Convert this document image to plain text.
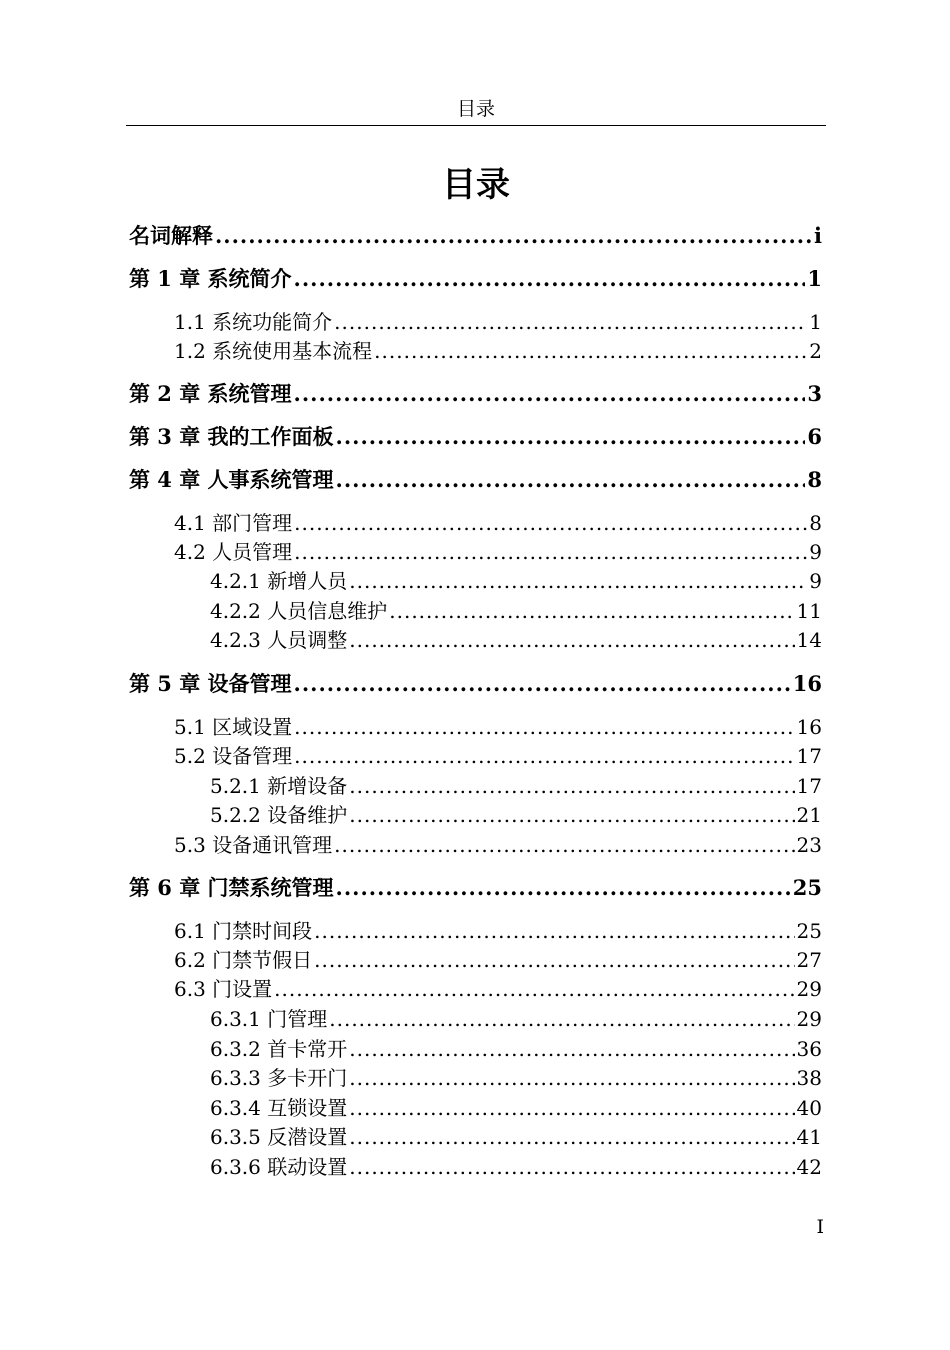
目录
目录
名词解释 .....	i
第 1 章 系统简介 .....	1
1.1 系统功能简介 .....	1
1.2 系统使用基本流程 .....	2
第 2 章 系统管理 .....	3
第 3 章 我的工作面板 .....	6
第 4 章 人事系统管理 .....	8
4.1 部门管理 .....	8
4.2 人员管理 .....	9
4.2.1 新增人员 .....	9
4.2.2 人员信息维护 .....	11
4.2.3 人员调整 .....	14
第 5 章 设备管理 .....	16
5.1 区域设置 .....	16
5.2 设备管理 .....	17
5.2.1 新增设备 .....	17
5.2.2 设备维护 .....	21
5.3 设备通讯管理 .....	23
第 6 章 门禁系统管理 .....	25
6.1 门禁时间段 .....	25
6.2 门禁节假日 .....	27
6.3 门设置 .....	29
6.3.1 门管理 .....	29
6.3.2 首卡常开 .....	36
6.3.3 多卡开门 .....	38
6.3.4 互锁设置 .....	40
6.3.5 反潜设置 .....	41
6.3.6 联动设置 .....	42
I
